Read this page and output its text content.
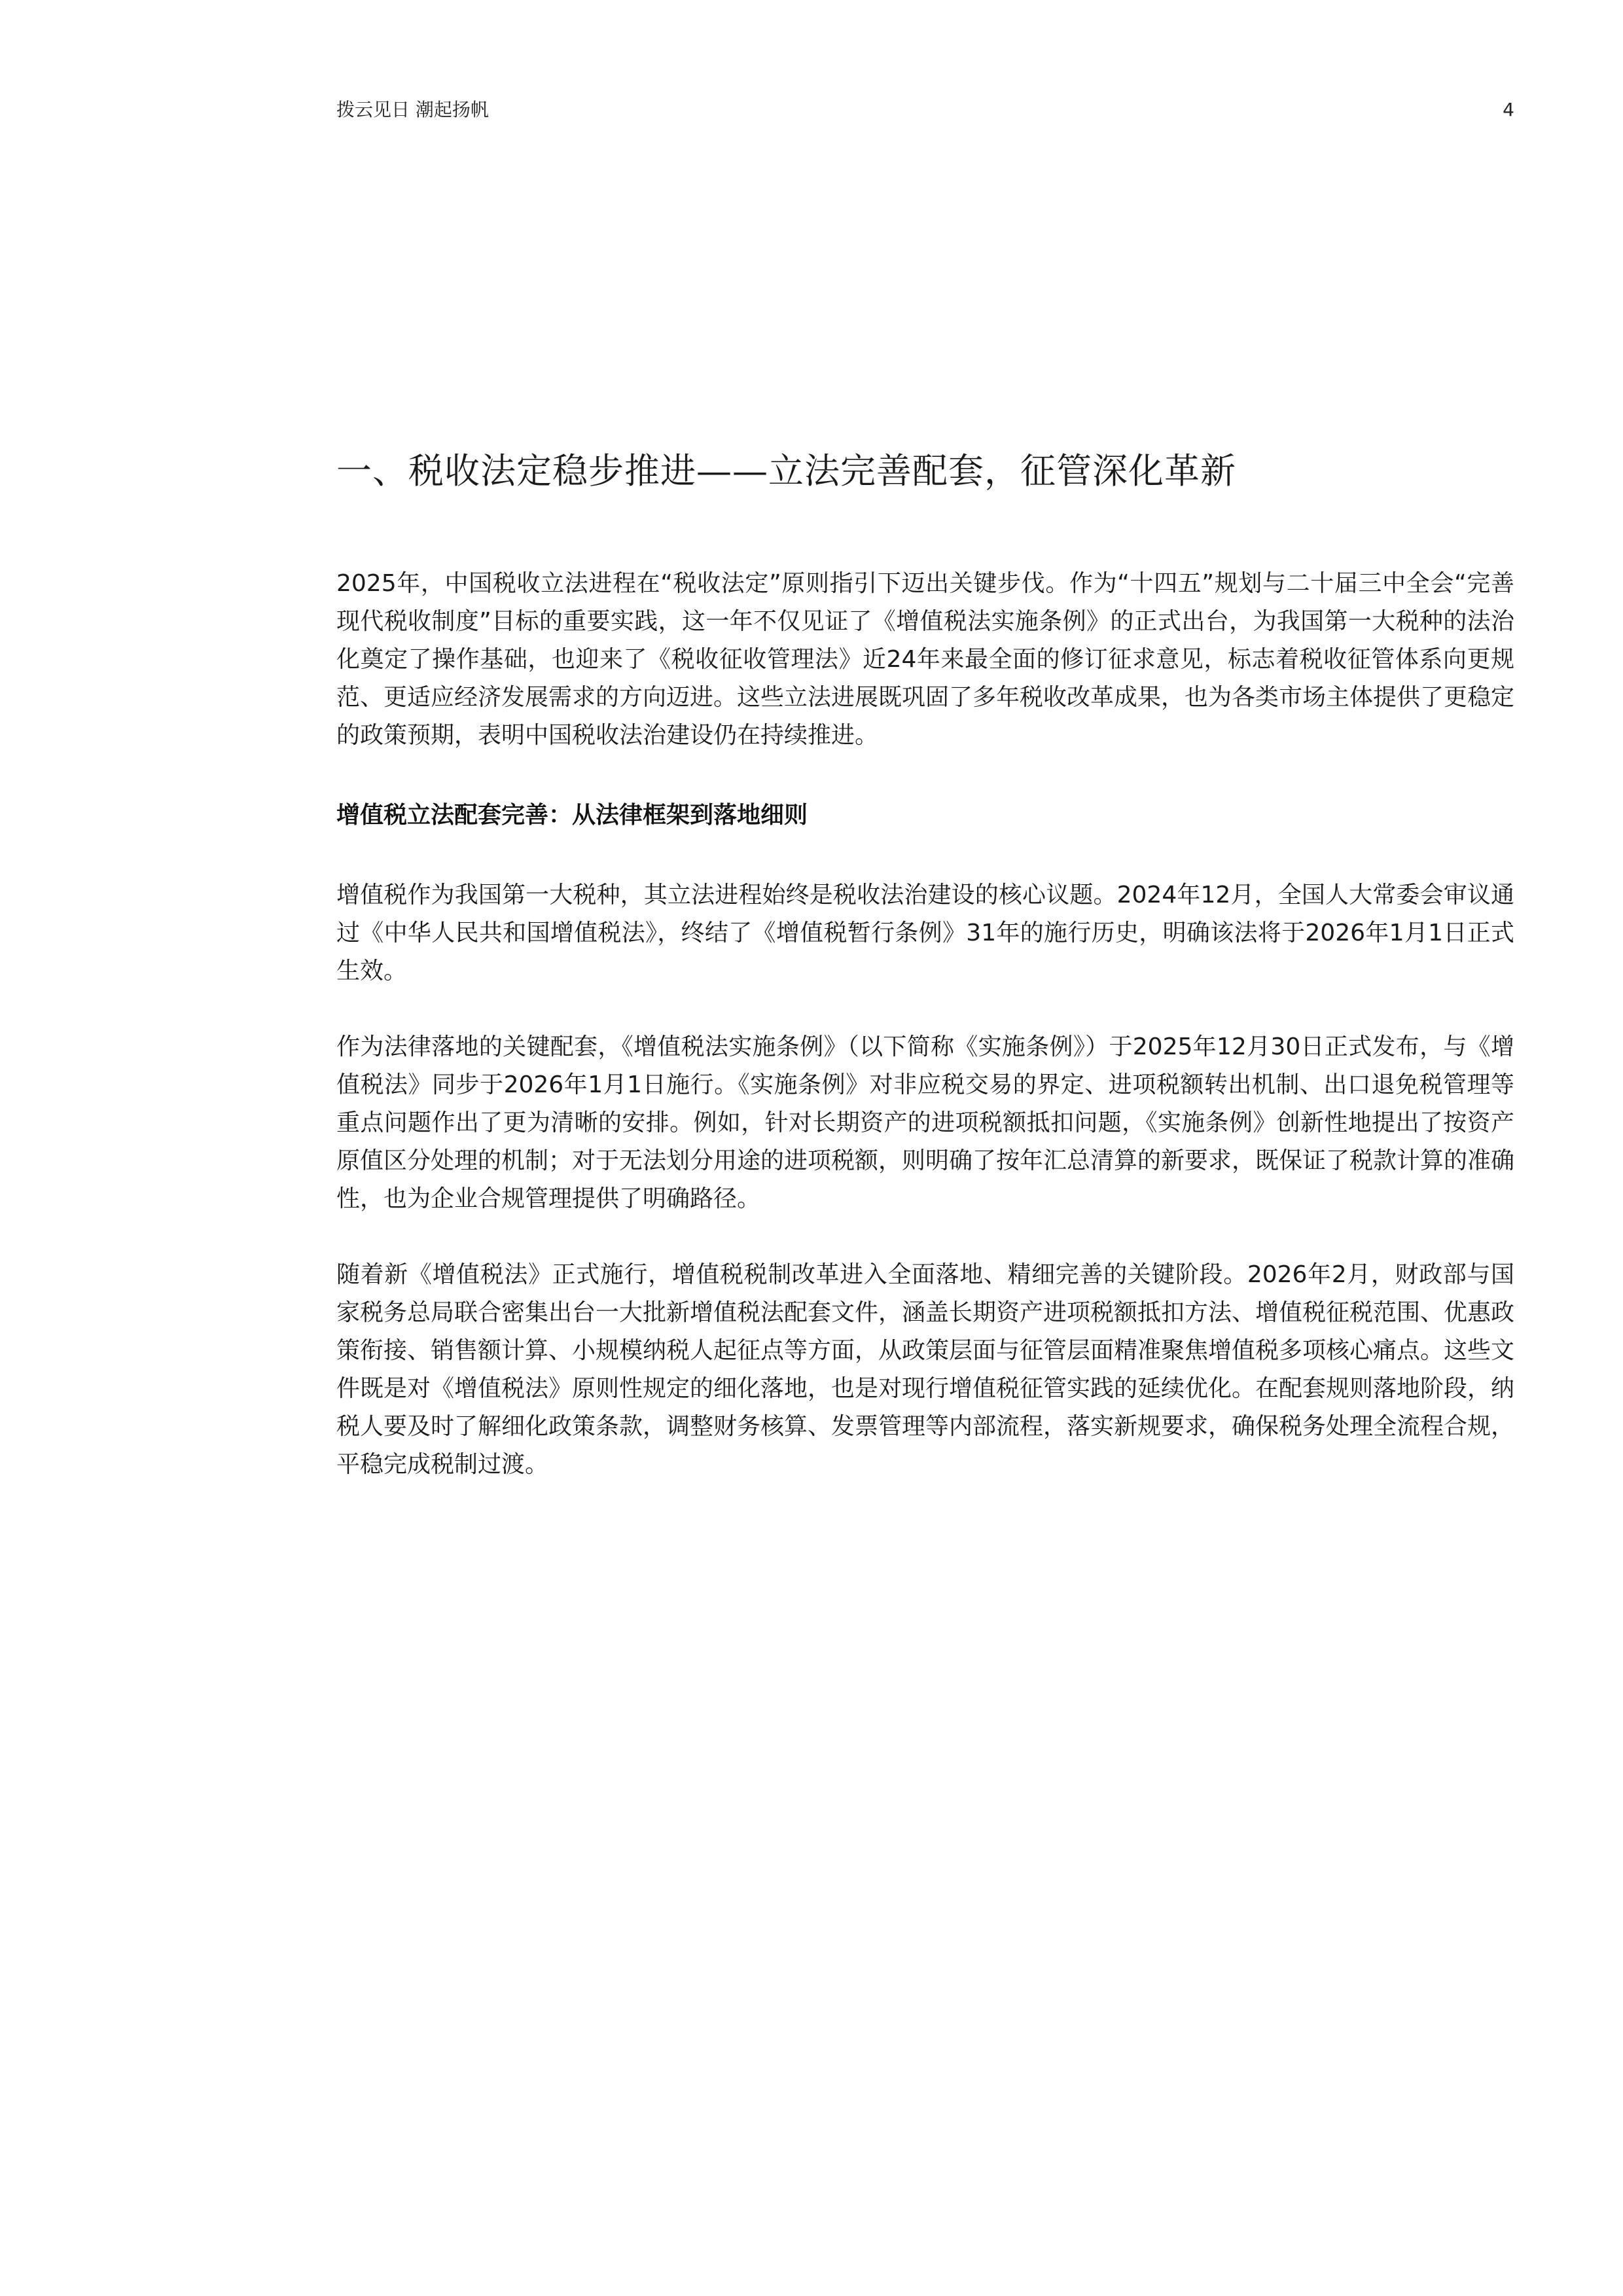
拨云见日 潮起扬帆	4
一、税收法定稳步推进——立法完善配套，征管深化革新

2025年，中国税收立法进程在“税收法定”原则指引下迈出关键步伐。作为“十四五”规划与二十届三中全会“完善现代税收制度”目标的重要实践，这一年不仅见证了《增值税法实施条例》的正式出台，为我国第一大税种的法治化奠定了操作基础，也迎来了《税收征收管理法》近24年来最全面的修订征求意见，标志着税收征管体系向更规范、更适应经济发展需求的方向迈进。这些立法进展既巩固了多年税收改革成果，也为各类市场主体提供了更稳定的政策预期，表明中国税收法治建设仍在持续推进。

增值税立法配套完善：从法律框架到落地细则

增值税作为我国第一大税种，其立法进程始终是税收法治建设的核心议题。2024年12月，全国人大常委会审议通过《中华人民共和国增值税法》，终结了《增值税暂行条例》31年的施行历史，明确该法将于2026年1月1日正式生效。

作为法律落地的关键配套，《增值税法实施条例》（以下简称《实施条例》）于2025年12月30日正式发布，与《增值税法》同步于2026年1月1日施行。《实施条例》对非应税交易的界定、进项税额转出机制、出口退免税管理等重点问题作出了更为清晰的安排。例如，针对长期资产的进项税额抵扣问题，《实施条例》创新性地提出了按资产原值区分处理的机制；对于无法划分用途的进项税额，则明确了按年汇总清算的新要求，既保证了税款计算的准确性，也为企业合规管理提供了明确路径。

随着新《增值税法》正式施行，增值税税制改革进入全面落地、精细完善的关键阶段。2026年2月，财政部与国家税务总局联合密集出台一大批新增值税法配套文件，涵盖长期资产进项税额抵扣方法、增值税征税范围、优惠政策衔接、销售额计算、小规模纳税人起征点等方面，从政策层面与征管层面精准聚焦增值税多项核心痛点。这些文件既是对《增值税法》原则性规定的细化落地，也是对现行增值税征管实践的延续优化。在配套规则落地阶段，纳税人要及时了解细化政策条款，调整财务核算、发票管理等内部流程，落实新规要求，确保税务处理全流程合规，平稳完成税制过渡。
